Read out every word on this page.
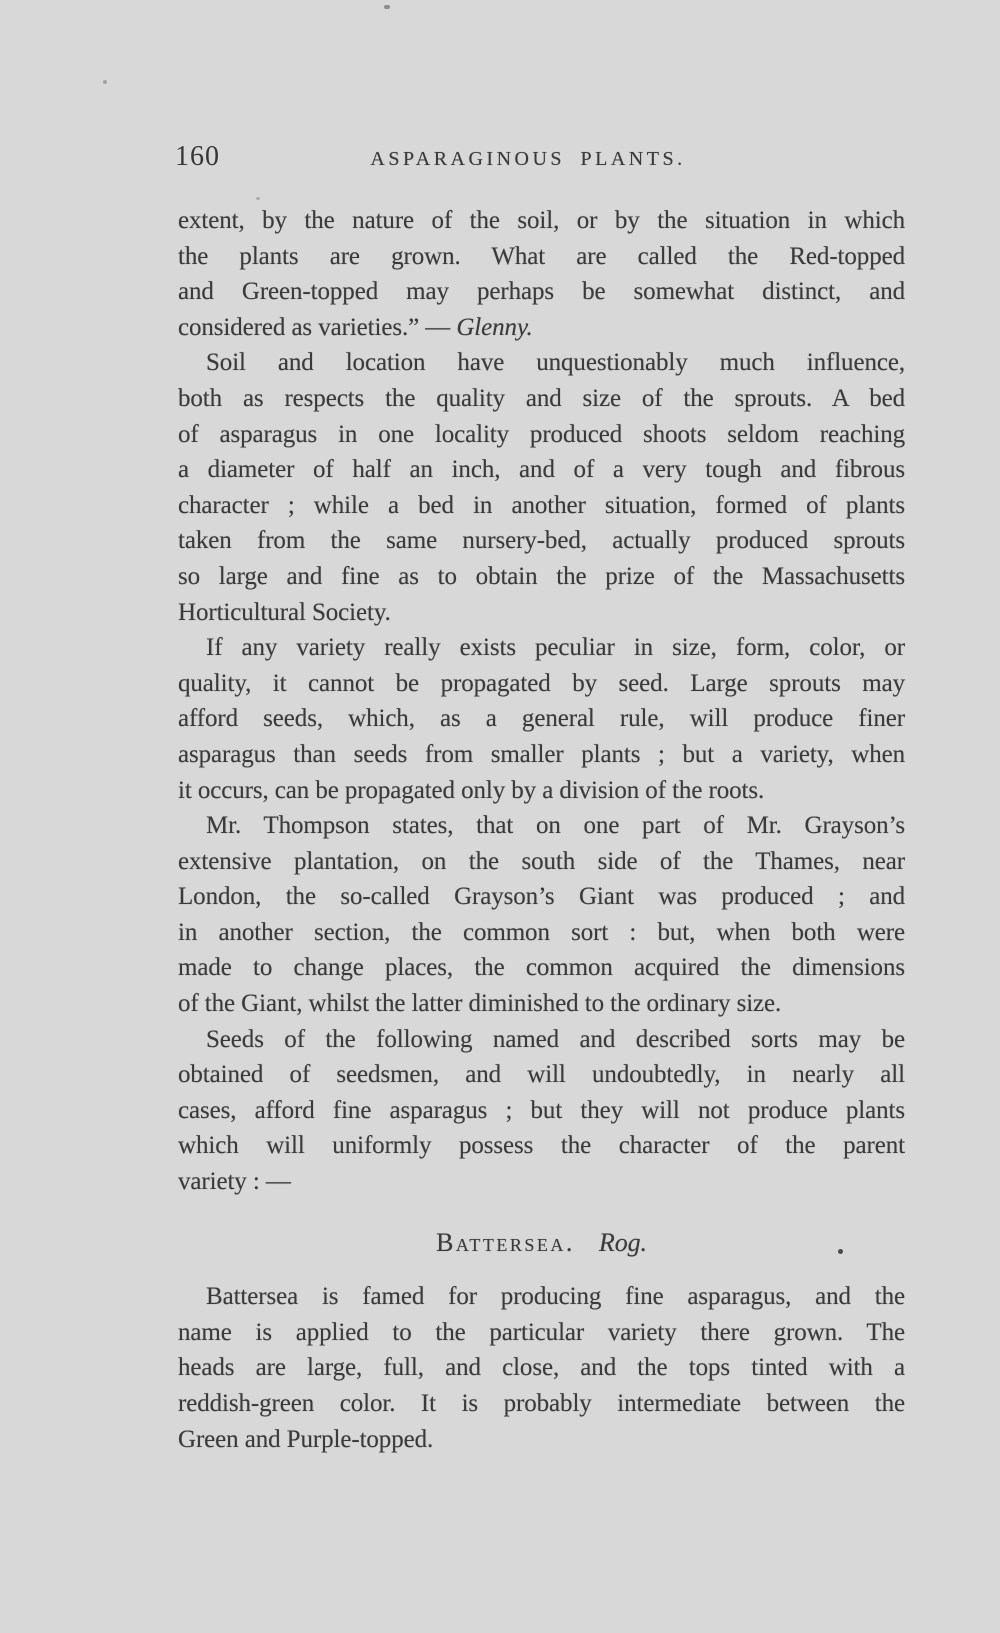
160	ASPARAGINOUS PLANTS.
extent, by the nature of the soil, or by the situation in which
the plants are grown. What are called the Red-topped
and Green-topped may perhaps be somewhat distinct, and
considered as varieties.” — Glenny.
Soil and location have unquestionably much influence,
both as respects the quality and size of the sprouts. A bed
of asparagus in one locality produced shoots seldom reaching
a diameter of half an inch, and of a very tough and fibrous
character ; while a bed in another situation, formed of plants
taken from the same nursery-bed, actually produced sprouts
so large and fine as to obtain the prize of the Massachusetts
Horticultural Society.
If any variety really exists peculiar in size, form, color, or
quality, it cannot be propagated by seed. Large sprouts may
afford seeds, which, as a general rule, will produce finer
asparagus than seeds from smaller plants ; but a variety, when
it occurs, can be propagated only by a division of the roots.
Mr. Thompson states, that on one part of Mr. Grayson’s
extensive plantation, on the south side of the Thames, near
London, the so-called Grayson’s Giant was produced ; and
in another section, the common sort : but, when both were
made to change places, the common acquired the dimensions
of the Giant, whilst the latter diminished to the ordinary size.
Seeds of the following named and described sorts may be
obtained of seedsmen, and will undoubtedly, in nearly all
cases, afford fine asparagus ; but they will not produce plants
which will uniformly possess the character of the parent
variety : —
Battersea. Rog.
Battersea is famed for producing fine asparagus, and the
name is applied to the particular variety there grown. The
heads are large, full, and close, and the tops tinted with a
reddish-green color. It is probably intermediate between the
Green and Purple-topped.
